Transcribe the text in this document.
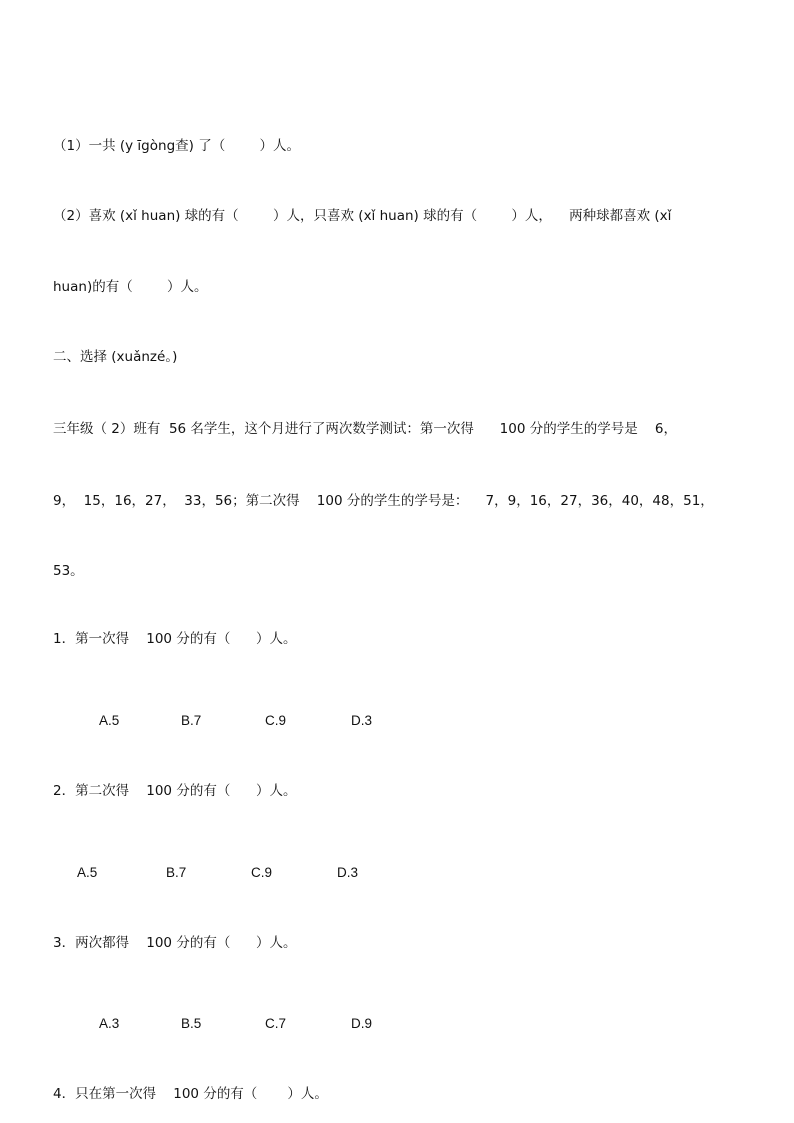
（1）一共 (y īgòng查) 了（        ）人。
（2）喜欢 (xǐ huan) 球的有（        ）人，只喜欢 (xǐ huan) 球的有（        ）人，    两种球都喜欢 (xǐ
huan)的有（        ）人。
二、选择 (xuǎnzé。)
三年级（ 2）班有  56 名学生，这个月进行了两次数学测试：第一次得      100 分的学生的学号是    6，
9，  15，16，27，  33，56；第二次得    100 分的学生的学号是：    7，9，16，27，36，40，48，51，
53。
1．第一次得    100 分的有（      ）人。
A.5	B.7	C.9	D.3
2．第二次得    100 分的有（      ）人。
A.5	B.7	C.9	D.3
3．两次都得    100 分的有（      ）人。
A.3	B.5	C.7	D.9
4．只在第一次得    100 分的有（       ）人。
